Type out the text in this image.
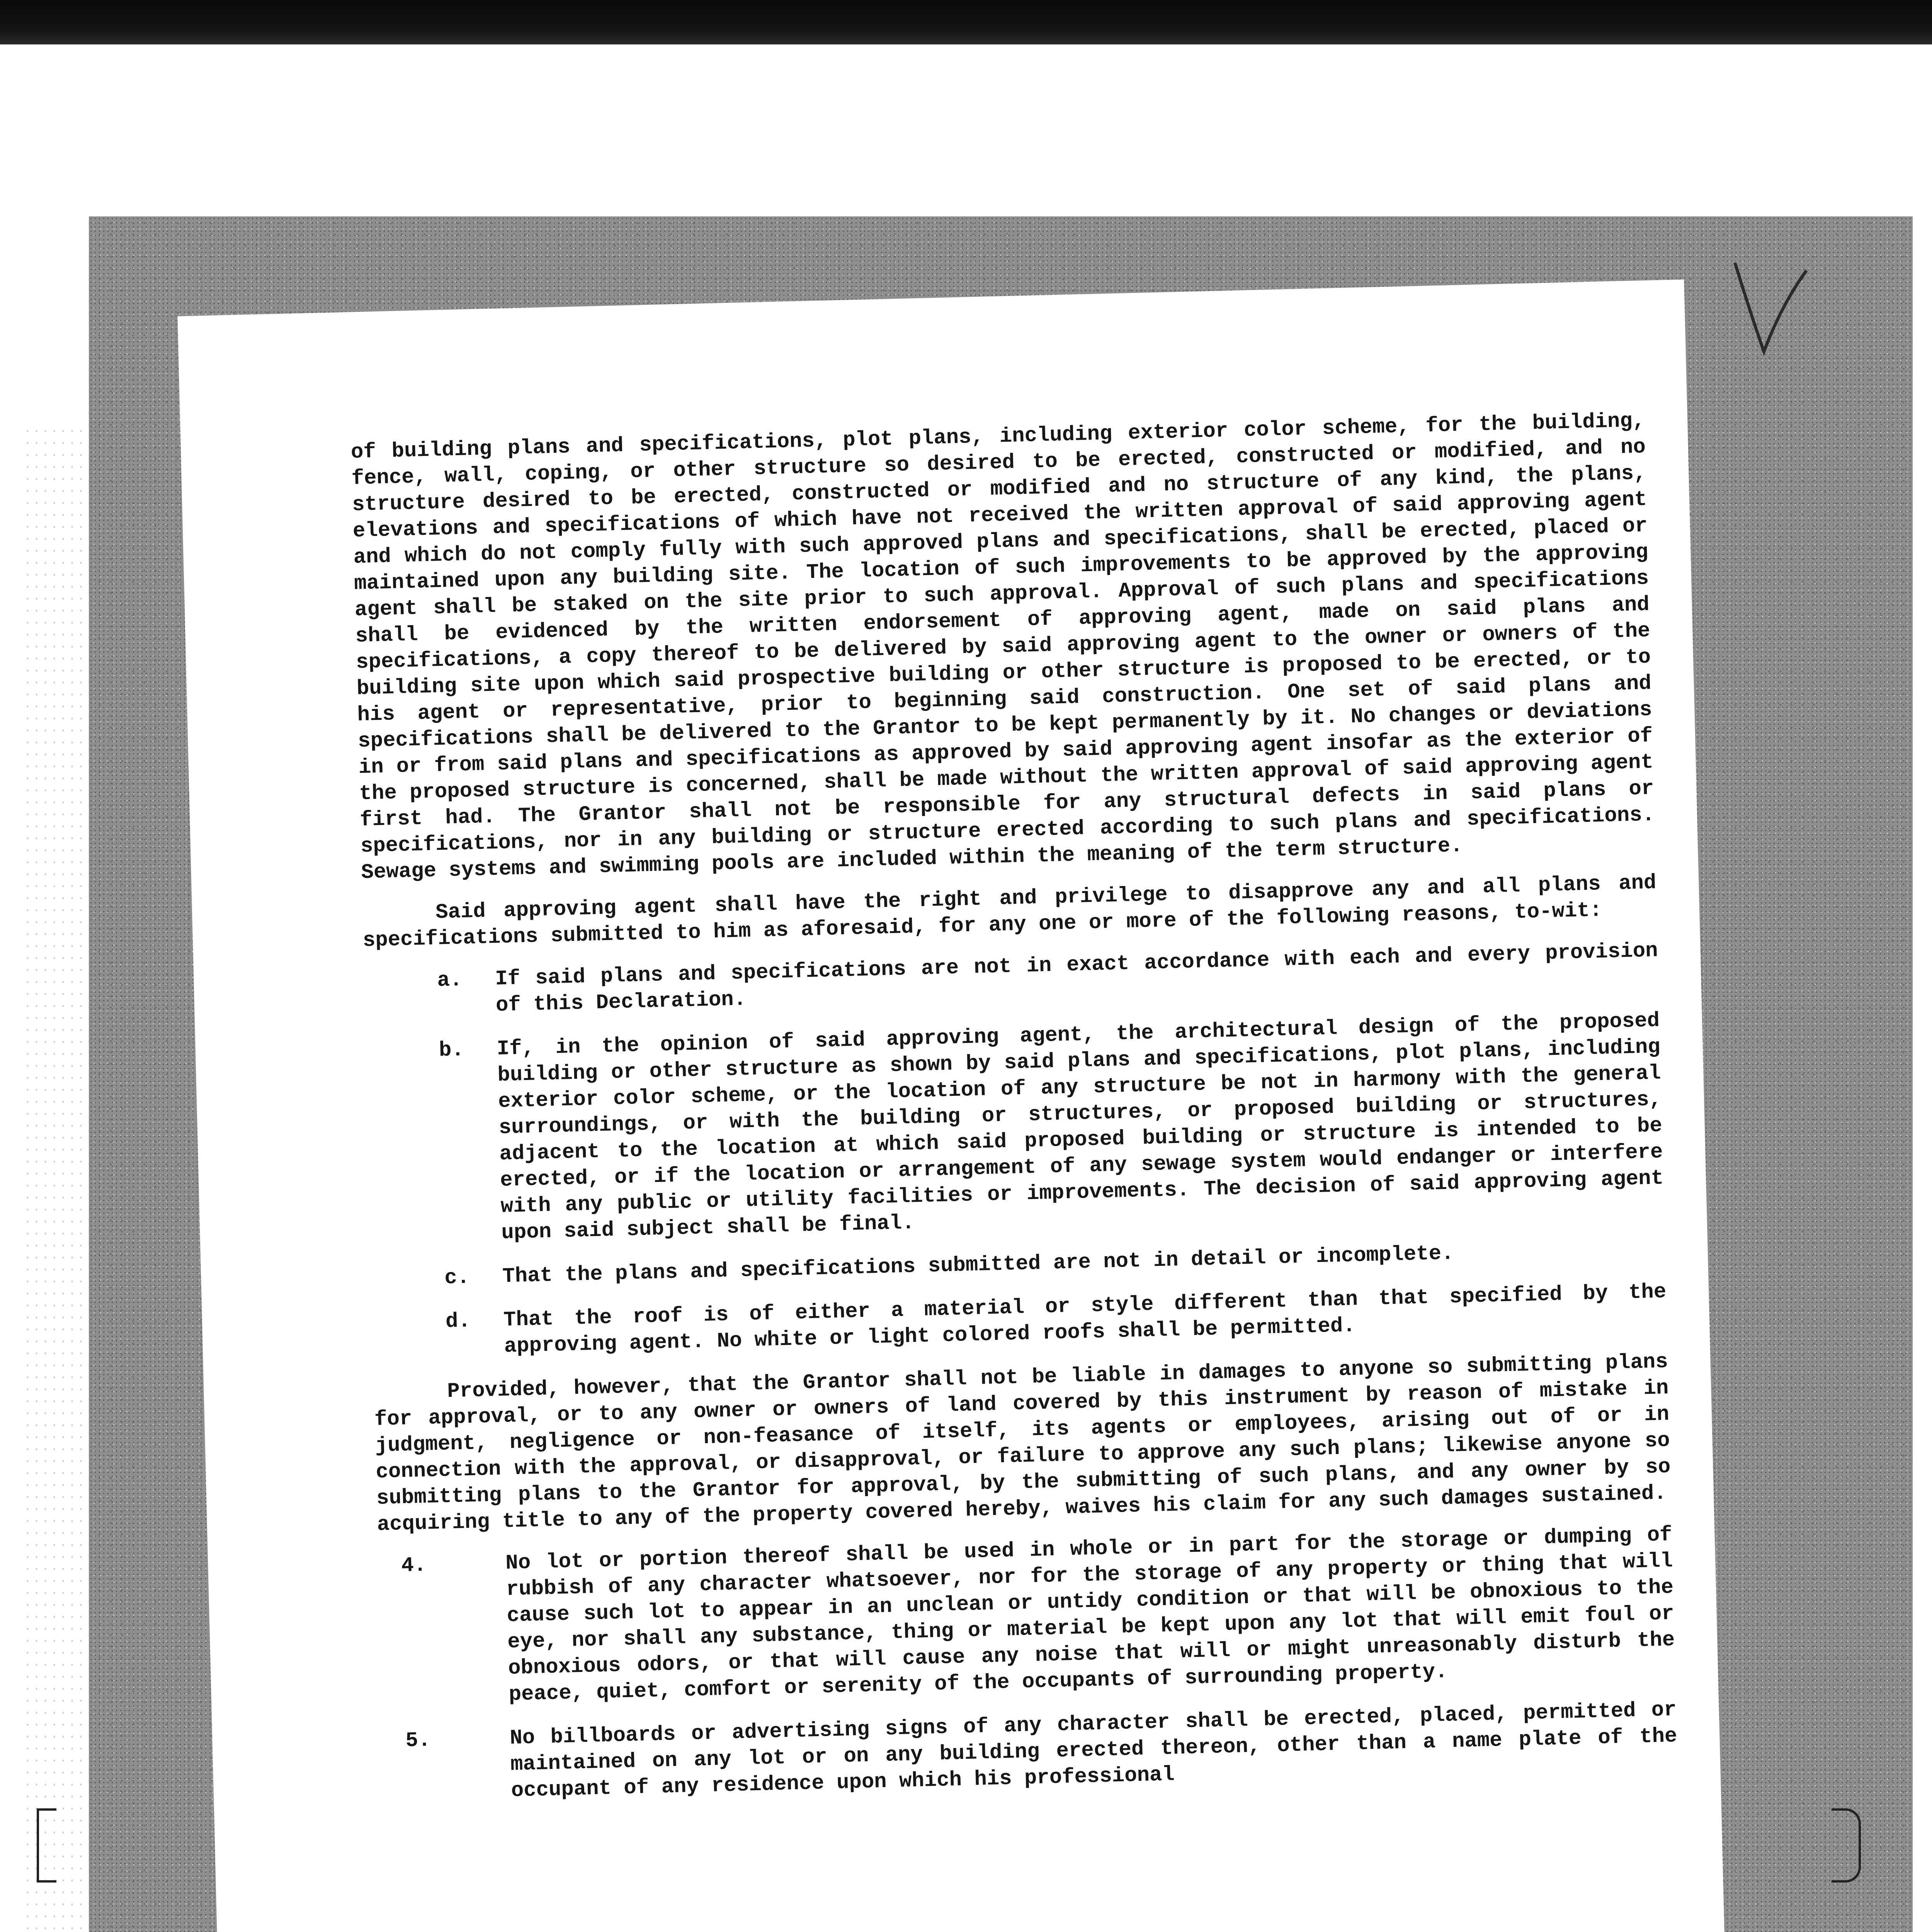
of building plans and specifications, plot plans, including exterior color scheme, for the building, fence, wall, coping, or other structure so desired to be erected, constructed or modified, and no structure desired to be erected, constructed or modified and no structure of any kind, the plans, elevations and specifications of which have not received the written approval of said approving agent and which do not comply fully with such approved plans and specifications, shall be erected, placed or maintained upon any building site. The location of such improvements to be approved by the approving agent shall be staked on the site prior to such approval. Approval of such plans and specifications shall be evidenced by the written endorsement of approving agent, made on said plans and specifications, a copy thereof to be delivered by said approving agent to the owner or owners of the building site upon which said prospective building or other structure is proposed to be erected, or to his agent or representative, prior to beginning said construction. One set of said plans and specifications shall be delivered to the Grantor to be kept permanently by it. No changes or deviations in or from said plans and specifications as approved by said approving agent insofar as the exterior of the proposed structure is concerned, shall be made without the written approval of said approving agent first had. The Grantor shall not be responsible for any structural defects in said plans or specifications, nor in any building or structure erected according to such plans and specifications. Sewage systems and swimming pools are included within the meaning of the term structure.

Said approving agent shall have the right and privilege to disapprove any and all plans and specifications submitted to him as aforesaid, for any one or more of the following reasons, to-wit:

a. If said plans and specifications are not in exact accordance with each and every provision of this Declaration.
b. If, in the opinion of said approving agent, the architectural design of the proposed building or other structure as shown by said plans and specifications, plot plans, including exterior color scheme, or the location of any structure be not in harmony with the general surroundings, or with the building or structures, or proposed building or structures, adjacent to the location at which said proposed building or structure is intended to be erected, or if the location or arrangement of any sewage system would endanger or interfere with any public or utility facilities or improvements. The decision of said approving agent upon said subject shall be final.
c. That the plans and specifications submitted are not in detail or incomplete.
d. That the roof is of either a material or style different than that specified by the approving agent. No white or light colored roofs shall be permitted.

Provided, however, that the Grantor shall not be liable in damages to anyone so submitting plans for approval, or to any owner or owners of land covered by this instrument by reason of mistake in judgment, negligence or non-feasance of itself, its agents or employees, arising out of or in connection with the approval, or disapproval, or failure to approve any such plans; likewise anyone so submitting plans to the Grantor for approval, by the submitting of such plans, and any owner by so acquiring title to any of the property covered hereby, waives his claim for any such damages sustained.

4.	No lot or portion thereof shall be used in whole or in part for the storage or dumping of rubbish of any character whatsoever, nor for the storage of any property or thing that will cause such lot to appear in an unclean or untidy condition or that will be obnoxious to the eye, nor shall any substance, thing or material be kept upon any lot that will emit foul or obnoxious odors, or that will cause any noise that will or might unreasonably disturb the peace, quiet, comfort or serenity of the occupants of surrounding property.
5.	No billboards or advertising signs of any character shall be erected, placed, permitted or maintained on any lot or on any building erected thereon, other than a name plate of the occupant of any residence upon which his professional
